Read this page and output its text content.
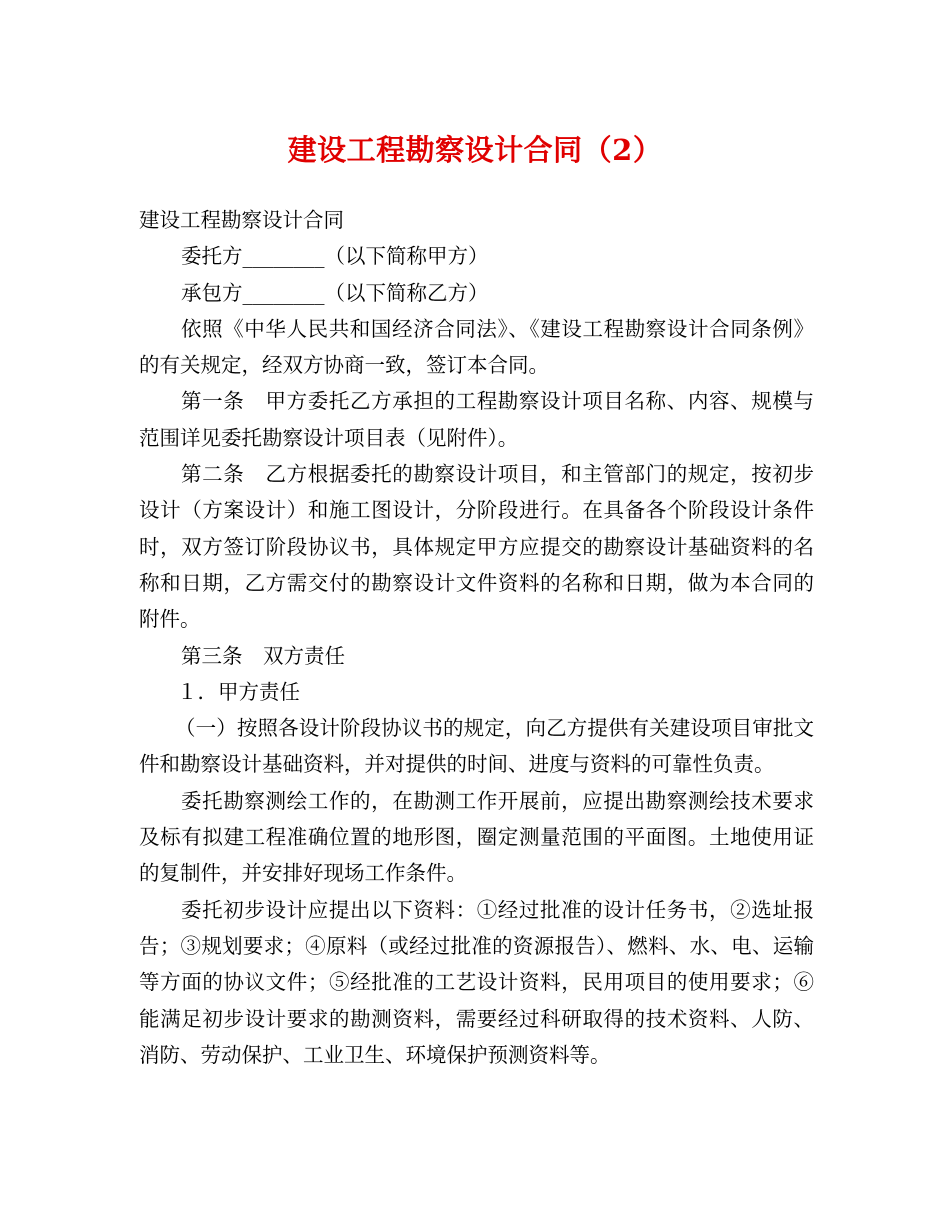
建设工程勘察设计合同（2）

建设工程勘察设计合同

委托方________（以下简称甲方）

承包方________（以下简称乙方）

依照《中华人民共和国经济合同法》、《建设工程勘察设计合同条例》的有关规定，经双方协商一致，签订本合同。

第一条　甲方委托乙方承担的工程勘察设计项目名称、内容、规模与范围详见委托勘察设计项目表（见附件）。

第二条　乙方根据委托的勘察设计项目，和主管部门的规定，按初步设计（方案设计）和施工图设计，分阶段进行。在具备各个阶段设计条件时，双方签订阶段协议书，具体规定甲方应提交的勘察设计基础资料的名称和日期，乙方需交付的勘察设计文件资料的名称和日期，做为本合同的附件。

第三条　双方责任

１．甲方责任

（一）按照各设计阶段协议书的规定，向乙方提供有关建设项目审批文件和勘察设计基础资料，并对提供的时间、进度与资料的可靠性负责。

委托勘察测绘工作的，在勘测工作开展前，应提出勘察测绘技术要求及标有拟建工程准确位置的地形图，圈定测量范围的平面图。土地使用证的复制件，并安排好现场工作条件。

委托初步设计应提出以下资料：①经过批准的设计任务书，②选址报告；③规划要求；④原料（或经过批准的资源报告）、燃料、水、电、运输等方面的协议文件；⑤经批准的工艺设计资料，民用项目的使用要求；⑥能满足初步设计要求的勘测资料，需要经过科研取得的技术资料、人防、消防、劳动保护、工业卫生、环境保护预测资料等。
